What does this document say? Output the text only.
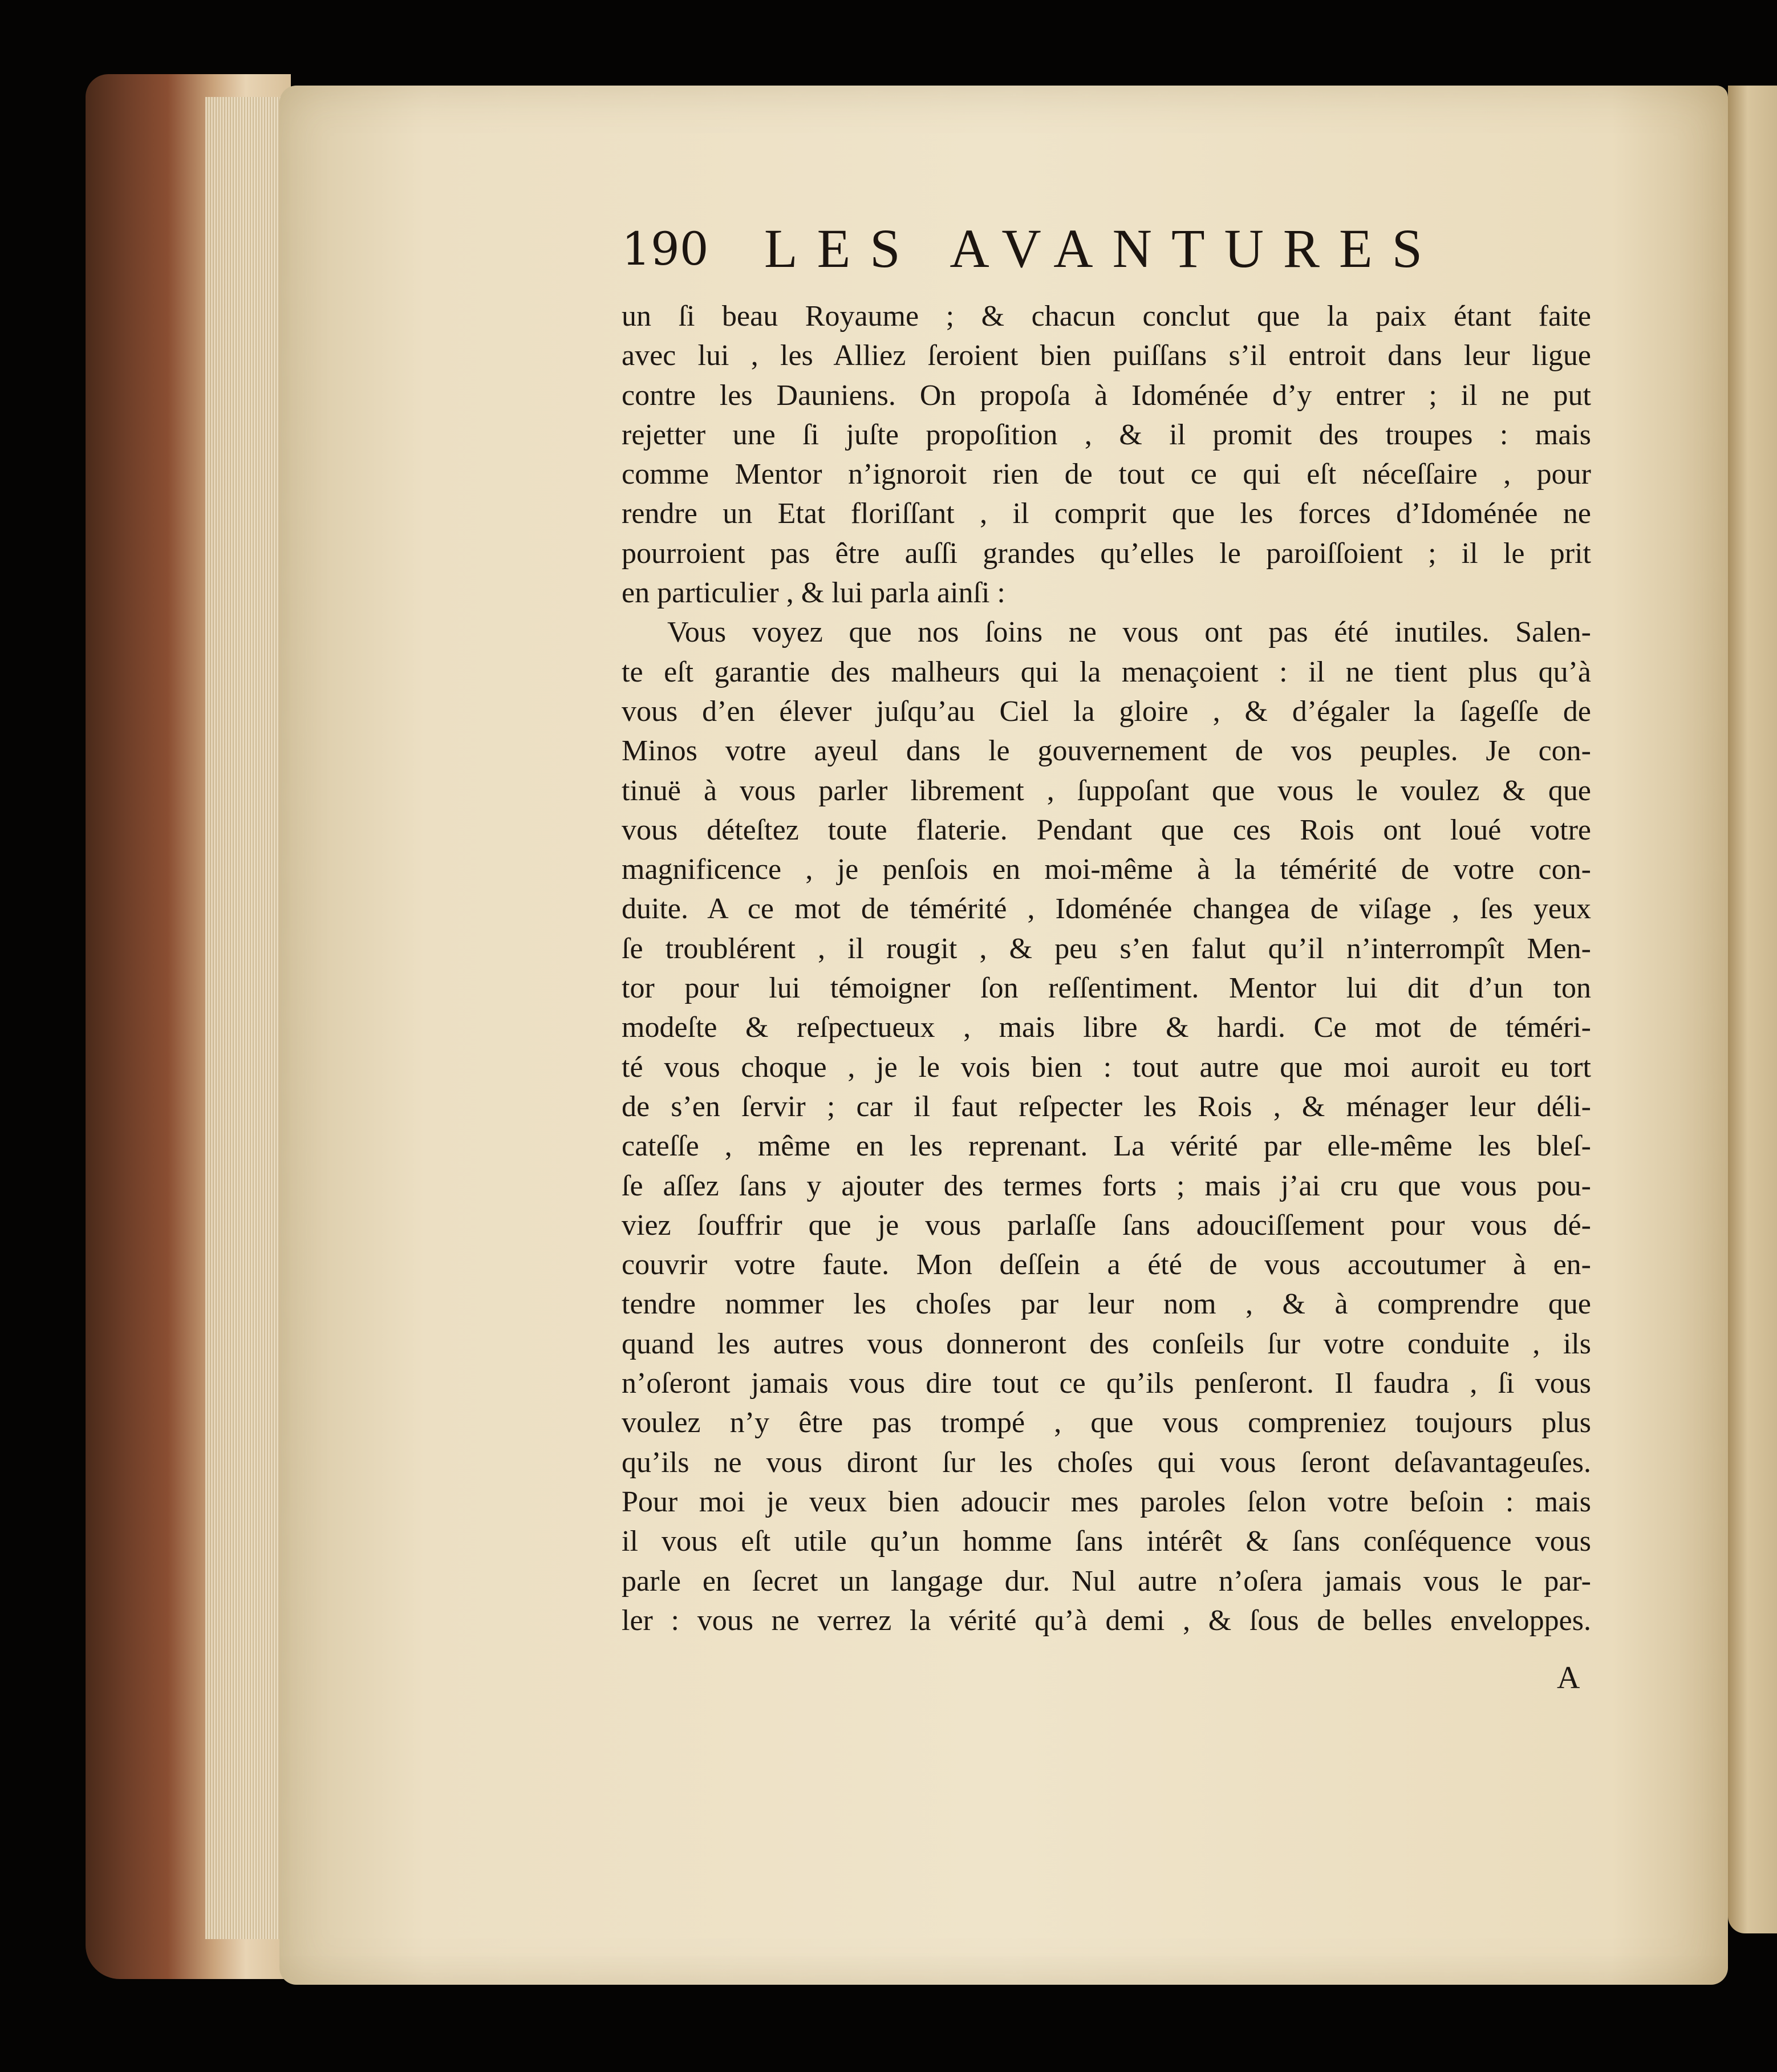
190 LES AVANTURES
un ſi beau Royaume ; & chacun conclut que la paix étant faite
avec lui , les Alliez ſeroient bien puiſſans s’il entroit dans leur ligue
contre les Dauniens. On propoſa à Idoménée d’y entrer ; il ne put
rejetter une ſi juſte propoſition , & il promit des troupes : mais
comme Mentor n’ignoroit rien de tout ce qui eſt néceſſaire , pour
rendre un Etat floriſſant , il comprit que les forces d’Idoménée ne
pourroient pas être auſſi grandes qu’elles le paroiſſoient ; il le prit
en particulier , & lui parla ainſi :
Vous voyez que nos ſoins ne vous ont pas été inutiles. Salen-
te eſt garantie des malheurs qui la menaçoient : il ne tient plus qu’à
vous d’en élever juſqu’au Ciel la gloire , & d’égaler la ſageſſe de
Minos votre ayeul dans le gouvernement de vos peuples. Je con-
tinuë à vous parler librement , ſuppoſant que vous le voulez & que
vous déteſtez toute flaterie. Pendant que ces Rois ont loué votre
magnificence , je penſois en moi-même à la témérité de votre con-
duite. A ce mot de témérité , Idoménée changea de viſage , ſes yeux
ſe troublérent , il rougit , & peu s’en falut qu’il n’interrompît Men-
tor pour lui témoigner ſon reſſentiment. Mentor lui dit d’un ton
modeſte & reſpectueux , mais libre & hardi. Ce mot de téméri-
té vous choque , je le vois bien : tout autre que moi auroit eu tort
de s’en ſervir ; car il faut reſpecter les Rois , & ménager leur déli-
cateſſe , même en les reprenant. La vérité par elle-même les bleſ-
ſe aſſez ſans y ajouter des termes forts ; mais j’ai cru que vous pou-
viez ſouffrir que je vous parlaſſe ſans adouciſſement pour vous dé-
couvrir votre faute. Mon deſſein a été de vous accoutumer à en-
tendre nommer les choſes par leur nom , & à comprendre que
quand les autres vous donneront des conſeils ſur votre conduite , ils
n’oſeront jamais vous dire tout ce qu’ils penſeront. Il faudra , ſi vous
voulez n’y être pas trompé , que vous compreniez toujours plus
qu’ils ne vous diront ſur les choſes qui vous ſeront deſavantageuſes.
Pour moi je veux bien adoucir mes paroles ſelon votre beſoin : mais
il vous eſt utile qu’un homme ſans intérêt & ſans conſéquence vous
parle en ſecret un langage dur. Nul autre n’oſera jamais vous le par-
ler : vous ne verrez la vérité qu’à demi , & ſous de belles enveloppes.
A
